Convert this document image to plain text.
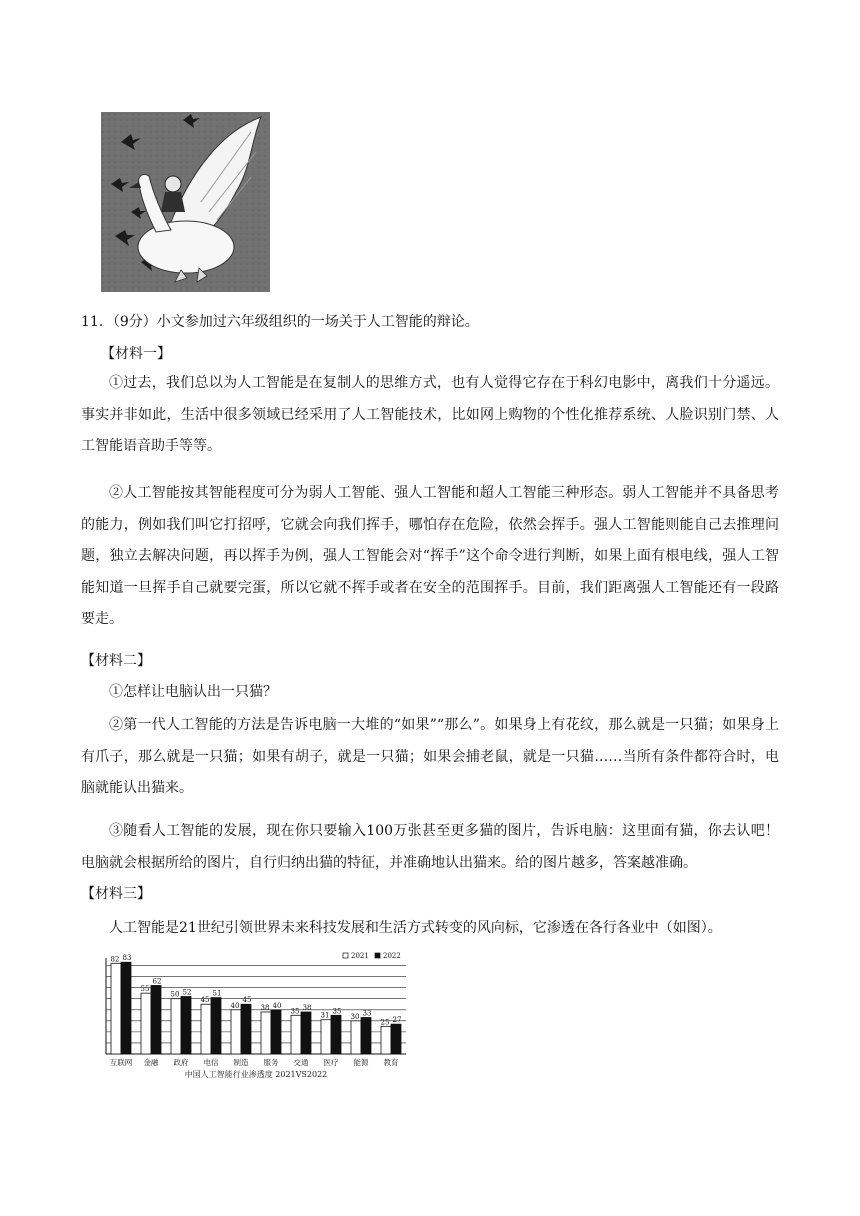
11．（9分）小文参加过六年级组织的一场关于人工智能的辩论。
【材料一】

①过去，我们总以为人工智能是在复制人的思维方式，也有人觉得它存在于科幻电影中，离我们十分遥远。事实并非如此，生活中很多领域已经采用了人工智能技术，比如网上购物的个性化推荐系统、人脸识别门禁、人工智能语音助手等等。

②人工智能按其智能程度可分为弱人工智能、强人工智能和超人工智能三种形态。弱人工智能并不具备思考的能力，例如我们叫它打招呼，它就会向我们挥手，哪怕存在危险，依然会挥手。强人工智能则能自己去推理问题，独立去解决问题，再以挥手为例，强人工智能会对“挥手”这个命令进行判断，如果上面有根电线，强人工智能知道一旦挥手自己就要完蛋，所以它就不挥手或者在安全的范围挥手。目前，我们距离强人工智能还有一段路要走。

【材料二】

①怎样让电脑认出一只猫？

②第一代人工智能的方法是告诉电脑一大堆的“如果”“那么”。如果身上有花纹，那么就是一只猫；如果身上有爪子，那么就是一只猫；如果有胡子，就是一只猫；如果会捕老鼠，就是一只猫……当所有条件都符合时，电脑就能认出猫来。

③随看人工智能的发展，现在你只要输入100万张甚至更多猫的图片，告诉电脑：这里面有猫，你去认吧！电脑就会根据所给的图片，自行归纳出猫的特征，并准确地认出猫来。给的图片越多，答案越准确。

【材料三】

人工智能是21世纪引领世界未来科技发展和生活方式转变的风向标，它渗透在各行各业中（如图）。

82 83
55
62
50 52
45
51
40
45
38 40
35 38
31
35
30 33
25 27
互联网 金融 政府 电信 制造 服务 交通 医疗 能源 教育
2021 2022
中国人工智能行业渗透度 2021VS2022
